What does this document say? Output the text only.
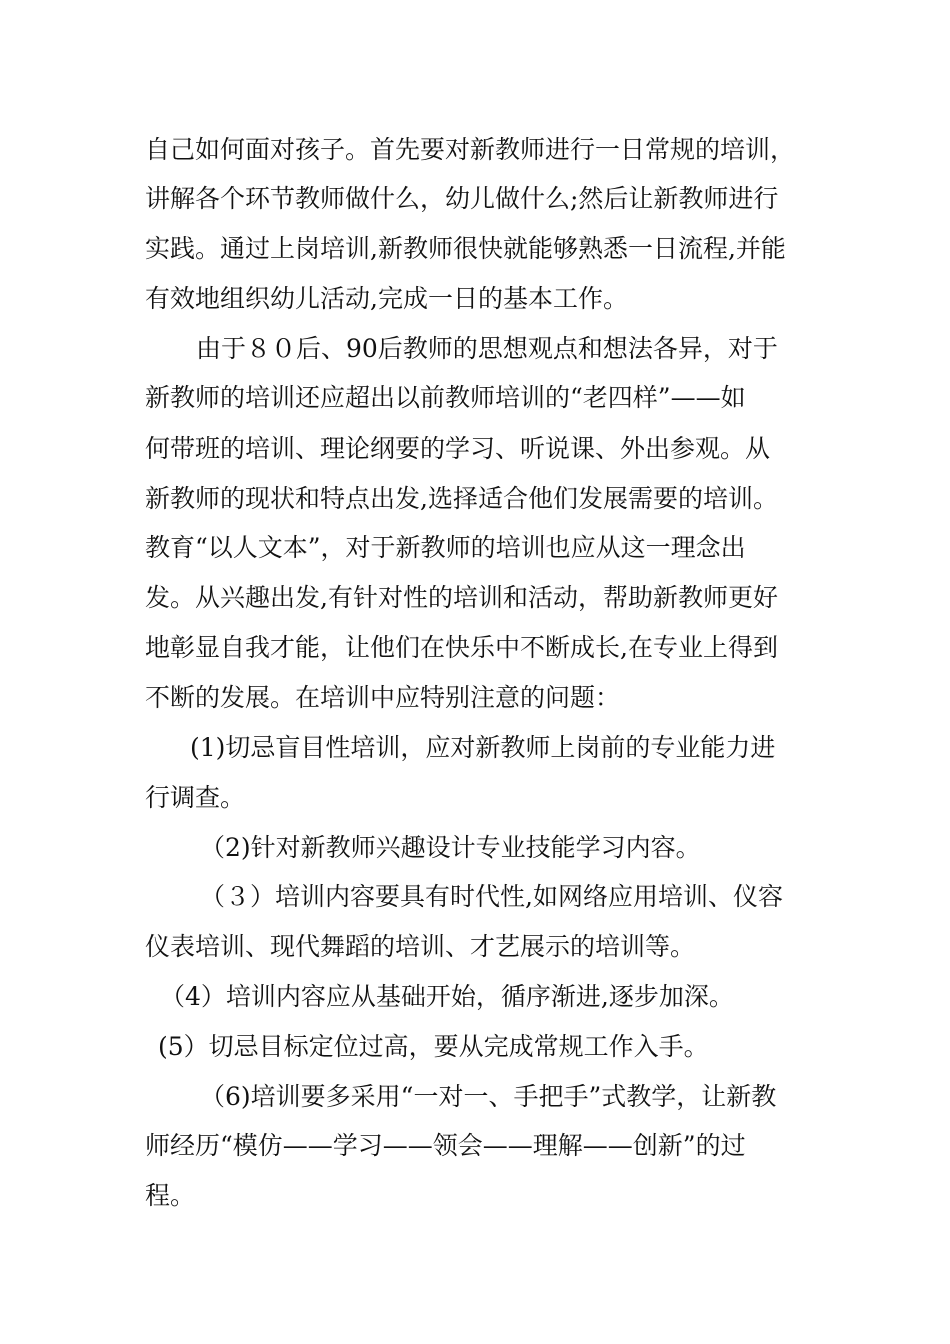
自己如何面对孩子。首先要对新教师进行一日常规的培训，

讲解各个环节教师做什么，幼儿做什么;然后让新教师进行

实践。通过上岗培训,新教师很快就能够熟悉一日流程,并能

有效地组织幼儿活动,完成一日的基本工作。

由于８０后、90后教师的思想观点和想法各异，对于

新教师的培训还应超出以前教师培训的“老四样”——如

何带班的培训、理论纲要的学习、听说课、外出参观。从

新教师的现状和特点出发,选择适合他们发展需要的培训。

教育“以人文本”，对于新教师的培训也应从这一理念出

发。从兴趣出发,有针对性的培训和活动，帮助新教师更好

地彰显自我才能，让他们在快乐中不断成长,在专业上得到

不断的发展。在培训中应特别注意的问题：

(1)切忌盲目性培训，应对新教师上岗前的专业能力进

行调查。

（2)针对新教师兴趣设计专业技能学习内容。

（３）培训内容要具有时代性,如网络应用培训、仪容

仪表培训、现代舞蹈的培训、才艺展示的培训等。

（4）培训内容应从基础开始，循序渐进,逐步加深。

(5）切忌目标定位过高，要从完成常规工作入手。

（6)培训要多采用“一对一、手把手”式教学，让新教

师经历“模仿——学习——领会——理解——创新”的过

程。
